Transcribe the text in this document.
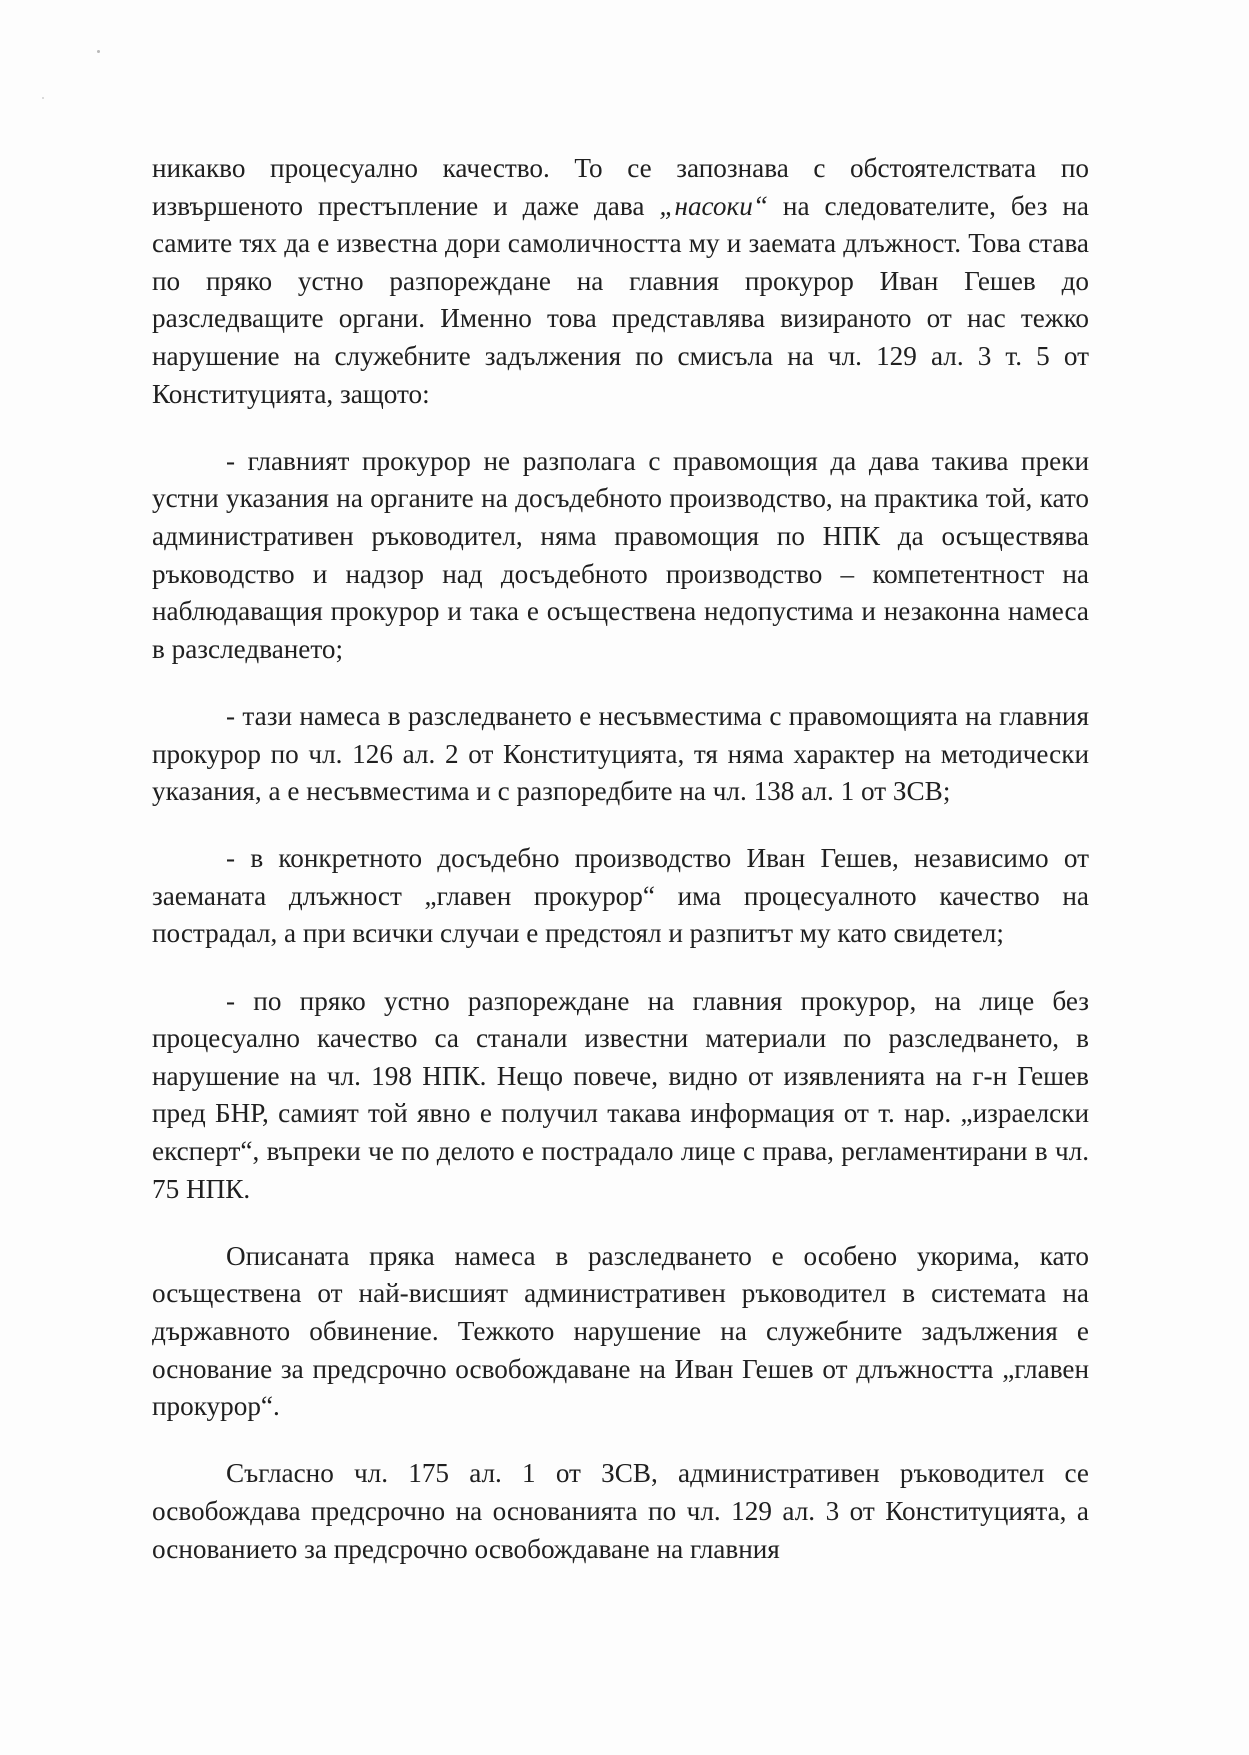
никакво процесуално качество. То се запознава с обстоятелствата по извършеното престъпление и даже дава „насоки“ на следователите, без на самите тях да е известна дори самоличността му и заемата длъжност. Това става по пряко устно разпореждане на главния прокурор Иван Гешев до разследващите органи. Именно това представлява визираното от нас тежко нарушение на служебните задължения по смисъла на чл. 129 ал. 3 т. 5 от Конституцията, защото:

- главният прокурор не разполага с правомощия да дава такива преки устни указания на органите на досъдебното производство, на практика той, като административен ръководител, няма правомощия по НПК да осъществява ръководство и надзор над досъдебното производство – компетентност на наблюдаващия прокурор и така е осъществена недопустима и незаконна намеса в разследването;

- тази намеса в разследването е несъвместима с правомощията на главния прокурор по чл. 126 ал. 2 от Конституцията, тя няма характер на методически указания, а е несъвместима и с разпоредбите на чл. 138 ал. 1 от ЗСВ;

- в конкретното досъдебно производство Иван Гешев, независимо от заеманата длъжност „главен прокурор“ има процесуалното качество на пострадал, а при всички случаи е предстоял и разпитът му като свидетел;

- по пряко устно разпореждане на главния прокурор, на лице без процесуално качество са станали известни материали по разследването, в нарушение на чл. 198 НПК. Нещо повече, видно от изявленията на г-н Гешев пред БНР, самият той явно е получил такава информация от т. нар. „израелски експерт“, въпреки че по делото е пострадало лице с права, регламентирани в чл. 75 НПК.

Описаната пряка намеса в разследването е особено укорима, като осъществена от най-висшият административен ръководител в системата на държавното обвинение. Тежкото нарушение на служебните задължения е основание за предсрочно освобождаване на Иван Гешев от длъжността „главен прокурор“.

Съгласно чл. 175 ал. 1 от ЗСВ, административен ръководител се освобождава предсрочно на основанията по чл. 129 ал. 3 от Конституцията, а основанието за предсрочно освобождаване на главния
